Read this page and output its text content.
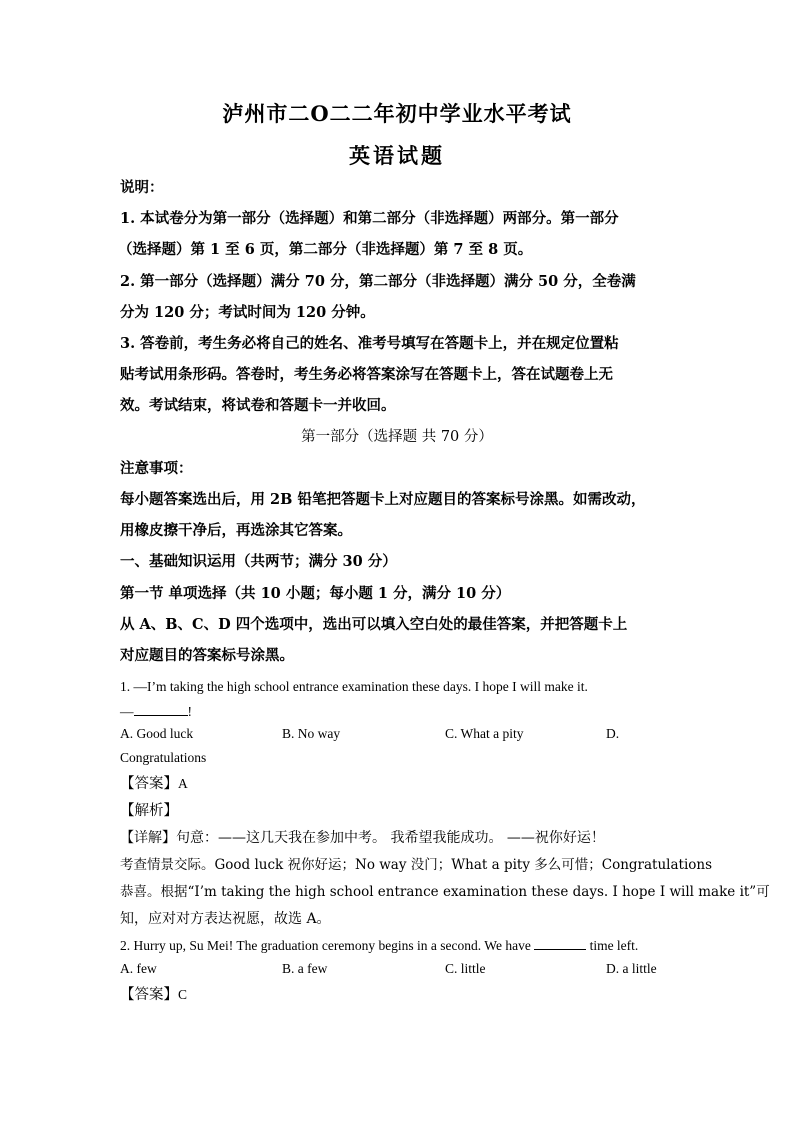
泸州市二O二二年初中学业水平考试
英语试题
说明：
1. 本试卷分为第一部分（选择题）和第二部分（非选择题）两部分。第一部分
（选择题）第 1 至 6 页，第二部分（非选择题）第 7 至 8 页。
2. 第一部分（选择题）满分 70 分，第二部分（非选择题）满分 50 分，全卷满
分为 120 分；考试时间为 120 分钟。
3. 答卷前，考生务必将自己的姓名、准考号填写在答题卡上，并在规定位置粘
贴考试用条形码。答卷时，考生务必将答案涂写在答题卡上，答在试题卷上无
效。考试结束，将试卷和答题卡一并收回。
第一部分（选择题 共 70 分）
注意事项：
每小题答案选出后，用 2B 铅笔把答题卡上对应题目的答案标号涂黑。如需改动，
用橡皮擦干净后，再选涂其它答案。
一、基础知识运用（共两节；满分 30 分）
第一节 单项选择（共 10 小题；每小题 1 分，满分 10 分）
从 A、B、C、D 四个选项中，选出可以填入空白处的最佳答案，并把答题卡上
对应题目的答案标号涂黑。
1. —I’m taking the high school entrance examination these days. I hope I will make it.
—	!
A. Good luck	B. No way	C. What a pity	D.
Congratulations
【答案】A
【解析】
【详解】句意：——这几天我在参加中考。 我希望我能成功。 ——祝你好运！
考查情景交际。Good luck 祝你好运；No way 没门；What a pity 多么可惜；Congratulations
恭喜。根据“I’m taking the high school entrance examination these days. I hope I will make it”可
知，应对对方表达祝愿，故选 A。
2. Hurry up, Su Mei! The graduation ceremony begins in a second. We have	time left.
A. few	B. a few	C. little	D. a little
【答案】C
